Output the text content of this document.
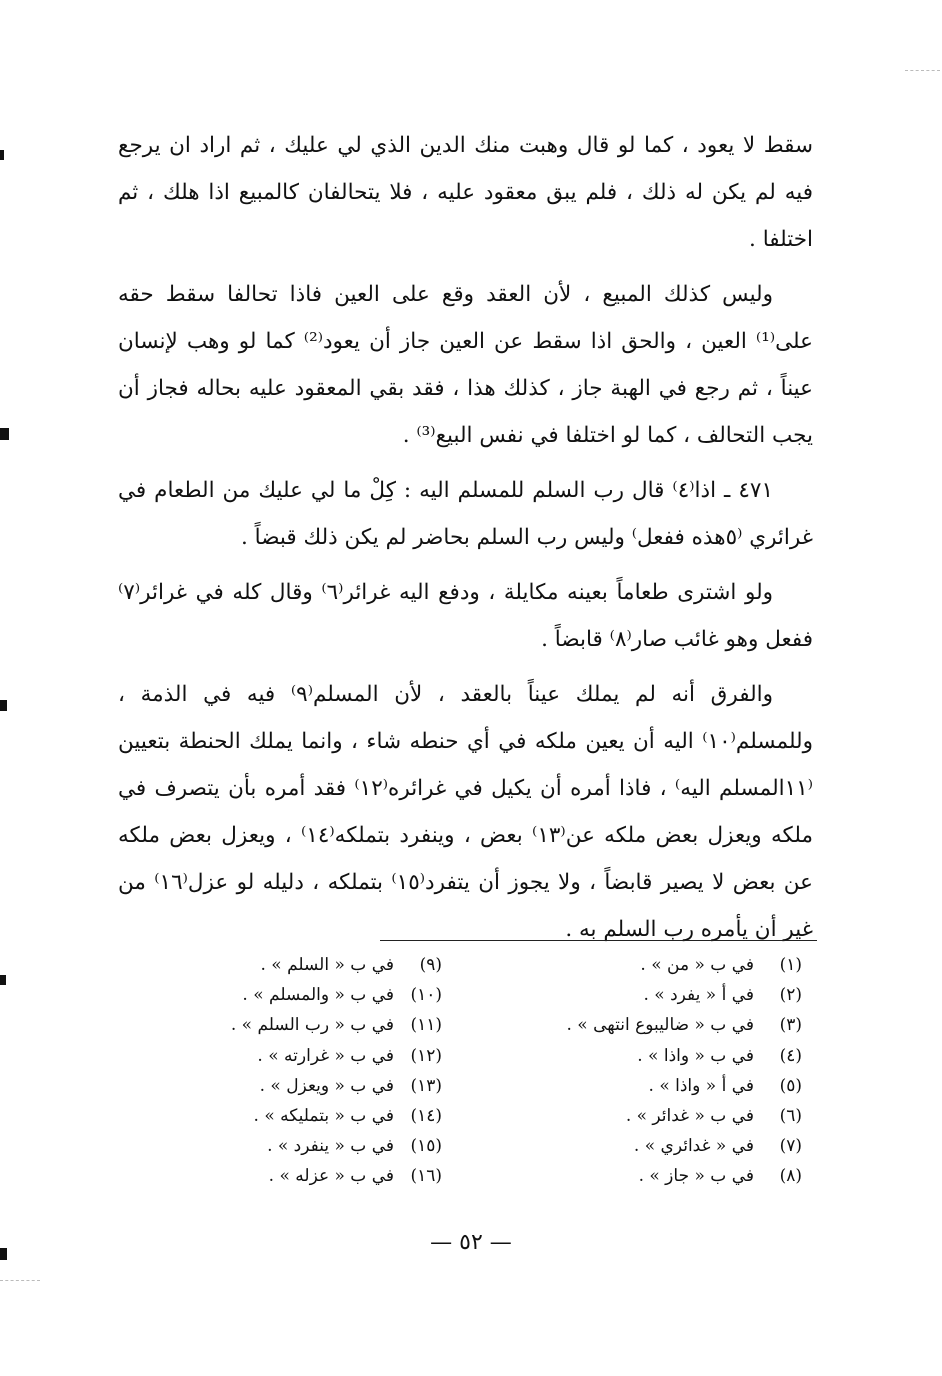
سقط لا يعود ، كما لو قال وهبت منك الدين الذي لي عليك ، ثم اراد ان يرجع فيه لم يكن له ذلك ، فلم يبق معقود عليه ، فلا يتحالفان كالمبيع اذا هلك ، ثم اختلفا .

وليس كذلك المبيع ، لأن العقد وقع على العين فاذا تحالفا سقط حقه على⁽¹⁾ العين ، والحق اذا سقط عن العين جاز أن يعود⁽²⁾ كما لو وهب لإنسان عيناً ، ثم رجع في الهبة جاز ، كذلك هذا ، فقد بقي المعقود عليه بحاله فجاز أن يجب التحالف ، كما لو اختلفا في نفس البيع⁽³⁾ .

٤٧١ ـ اذا⁽٤⁾ قال رب السلم للمسلم اليه : كِلْ ما لي عليك من الطعام في غرائري ⁽٥هذه ففعل⁾ وليس رب السلم بحاضر لم يكن ذلك قبضاً .

ولو اشترى طعاماً بعينه مكايلة ، ودفع اليه غرائر⁽٦⁾ وقال كله في غرائر⁽٧⁾ ففعل وهو غائب صار⁽٨⁾ قابضاً .

والفرق أنه لم يملك عيناً بالعقد ، لأن المسلم⁽٩⁾ فيه في الذمة ، وللمسلم⁽١٠⁾ اليه أن يعين ملكه في أي حنطه شاء ، وانما يملك الحنطة بتعيين ⁽١١المسلم اليه⁾ ، فاذا أمره أن يكيل في غرائره⁽١٢⁾ فقد أمره بأن يتصرف في ملكه ويعزل بعض ملكه عن⁽١٣⁾ بعض ، وينفرد بتملكه⁽١٤⁾ ، ويعزل بعض ملكه عن بعض لا يصير قابضاً ، ولا يجوز أن يتفرد⁽١٥⁾ بتملكه ، دليله لو عزل⁽١٦⁾ من غير أن يأمره رب السلم به .

(١)في ب « من » .
(٢)في أ « يفرد » .
(٣)في ب « ضاليبوع انتهى » .
(٤)في ب « واذا » .
(٥)في أ « واذا » .
(٦)في ب « غدائر » .
(٧)في « غدائري » .
(٨)في ب « جاز » .
(٩)في ب « السلم » .
(١٠)في ب « والمسلم » .
(١١)في ب « رب السلم » .
(١٢)في ب « غرارته » .
(١٣)في ب « ويعزل » .
(١٤)في ب « بتمليكه » .
(١٥)في ب « ينفرد » .
(١٦)في ب « عزله » .
— ٥٢ —
